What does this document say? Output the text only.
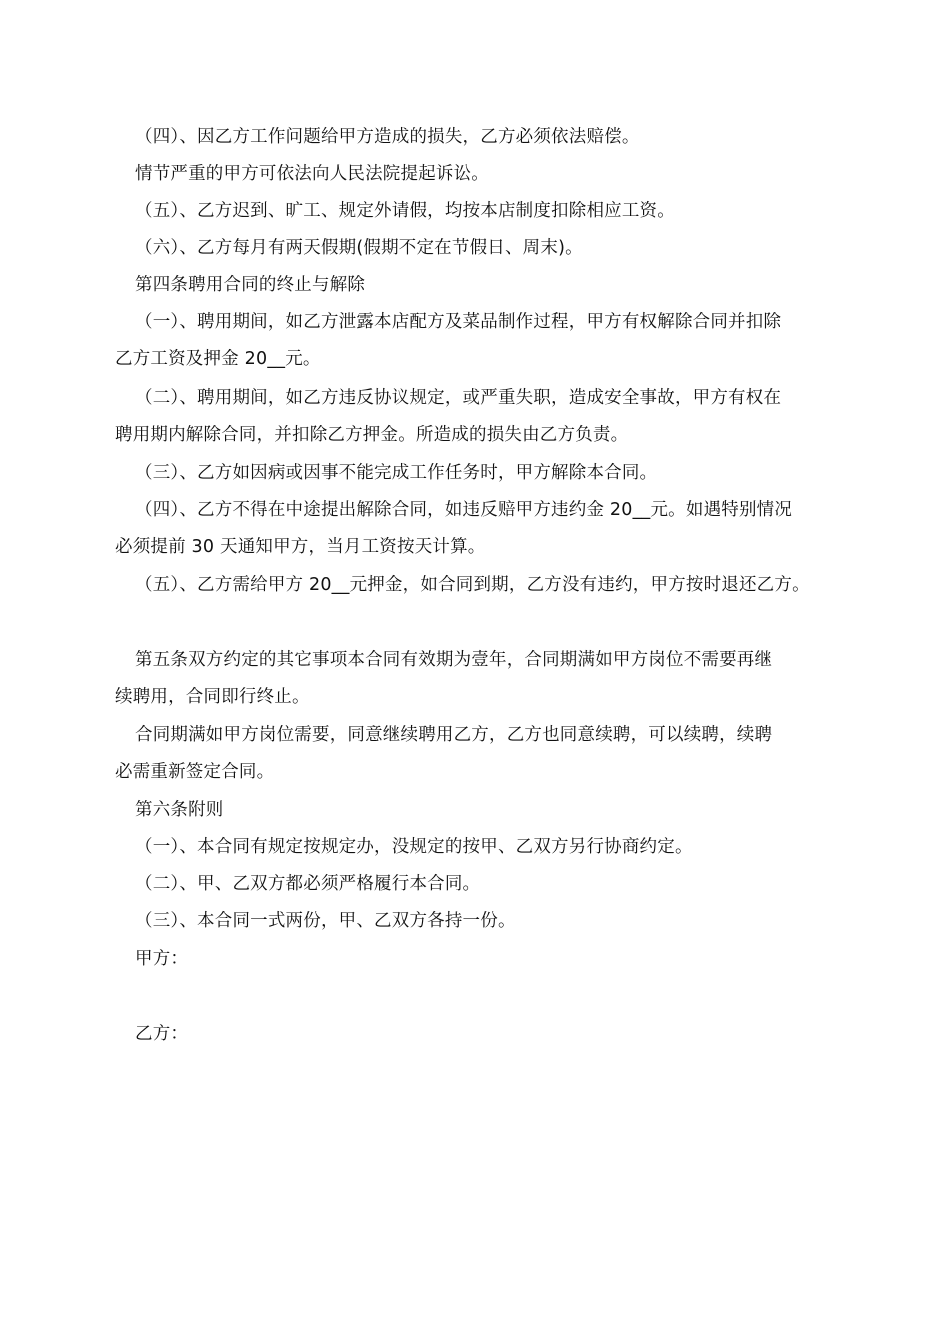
（四）、因乙方工作问题给甲方造成的损失，乙方必须依法赔偿。
情节严重的甲方可依法向人民法院提起诉讼。
（五）、乙方迟到、旷工、规定外请假，均按本店制度扣除相应工资。
（六）、乙方每月有两天假期(假期不定在节假日、周末)。
第四条聘用合同的终止与解除
（一）、聘用期间，如乙方泄露本店配方及菜品制作过程，甲方有权解除合同并扣除
乙方工资及押金 20__元。
（二）、聘用期间，如乙方违反协议规定，或严重失职，造成安全事故，甲方有权在
聘用期内解除合同，并扣除乙方押金。所造成的损失由乙方负责。
（三）、乙方如因病或因事不能完成工作任务时，甲方解除本合同。
（四）、乙方不得在中途提出解除合同，如违反赔甲方违约金 20__元。如遇特别情况
必须提前 30 天通知甲方，当月工资按天计算。
（五）、乙方需给甲方 20__元押金，如合同到期，乙方没有违约，甲方按时退还乙方。
第五条双方约定的其它事项本合同有效期为壹年，合同期满如甲方岗位不需要再继
续聘用，合同即行终止。
合同期满如甲方岗位需要，同意继续聘用乙方，乙方也同意续聘，可以续聘，续聘
必需重新签定合同。
第六条附则
（一）、本合同有规定按规定办，没规定的按甲、乙双方另行协商约定。
（二）、甲、乙双方都必须严格履行本合同。
（三）、本合同一式两份，甲、乙双方各持一份。
甲方：
乙方：
